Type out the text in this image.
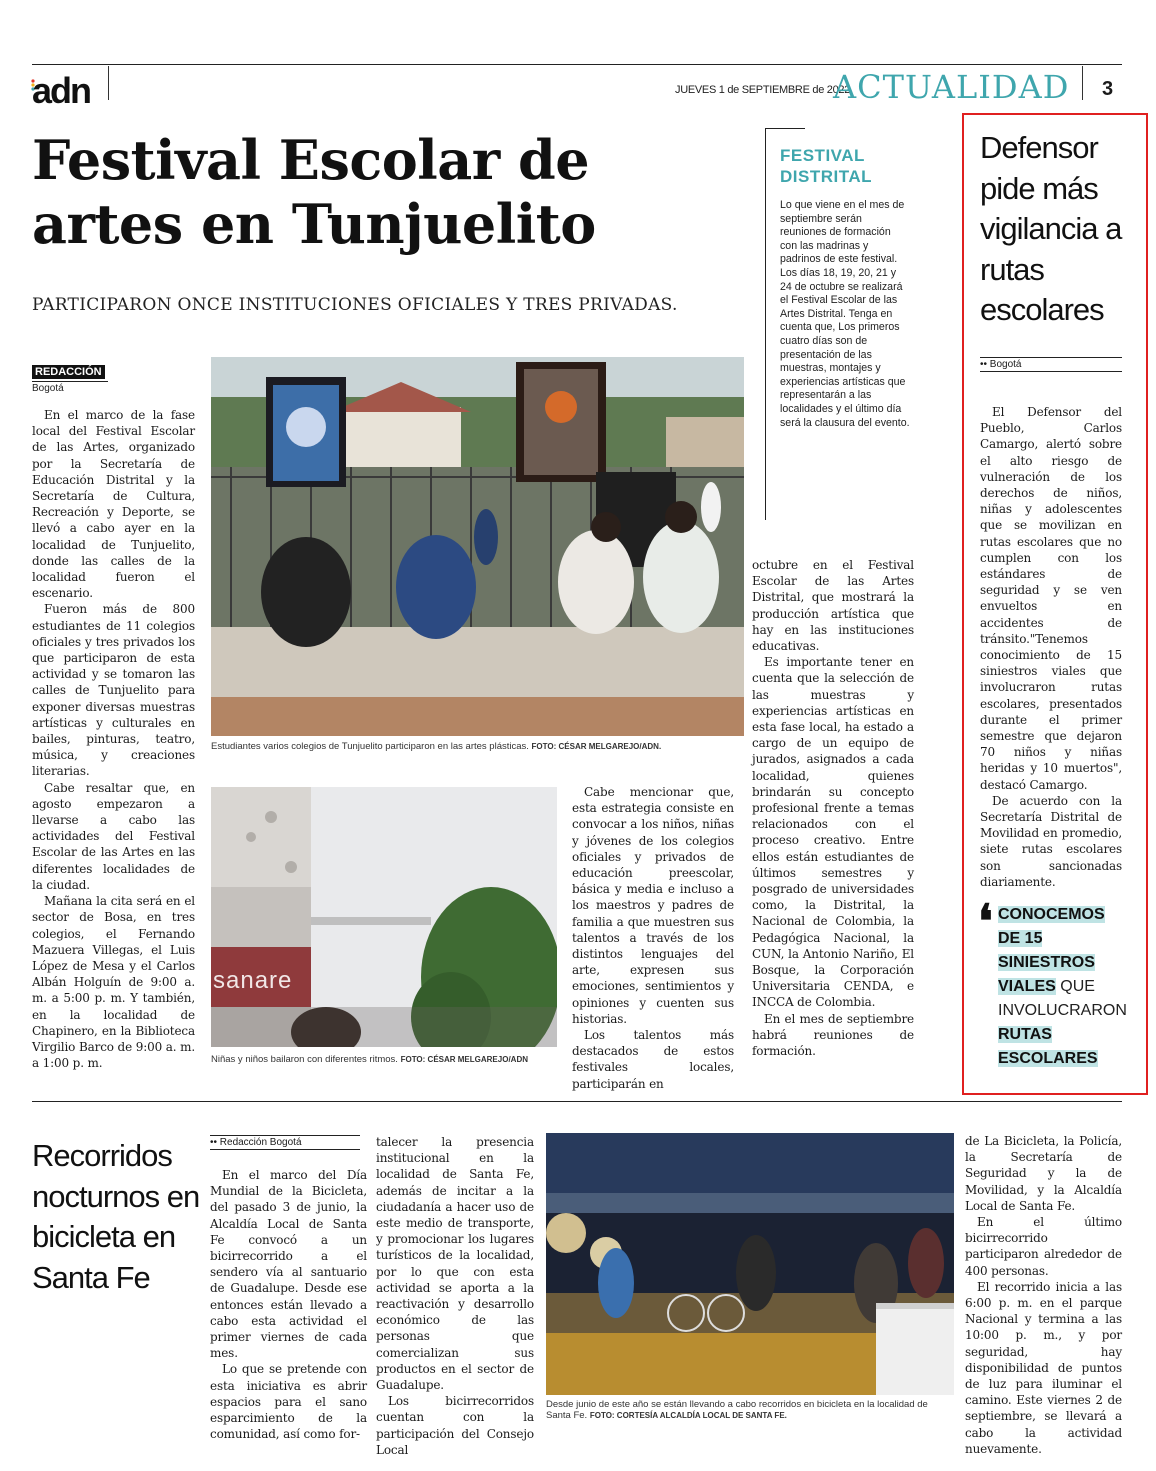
adn	JUEVES 1 de SEPTIEMBRE de 2022
ACTUALIDAD 3
Festival Escolar de artes en Tunjuelito
PARTICIPARON ONCE INSTITUCIONES OFICIALES Y TRES PRIVADAS.
REDACCIÓN
Bogotá

En el marco de la fase local del Festival Escolar de las Artes, organizado por la Secretaría de Educación Distrital y la Secretaría de Cultura, Recreación y Deporte, se llevó a cabo ayer en la localidad de Tunjuelito, donde las calles de la localidad fueron el escenario.

Fueron más de 800 estudiantes de 11 colegios oficiales y tres privados los que participaron de esta actividad y se tomaron las calles de Tunjuelito para exponer diversas muestras artísticas y culturales en bailes, pinturas, teatro, música, y creaciones literarias.

Cabe resaltar que, en agosto empezaron a llevarse a cabo las actividades del Festival Escolar de las Artes en las diferentes localidades de la ciudad.

Mañana la cita será en el sector de Bosa, en tres colegios, el Fernando Mazuera Villegas, el Luis López de Mesa y el Carlos Albán Holguín de 9:00 a. m. a 5:00 p. m. Y también, en la localidad de Chapinero, en la Biblioteca Virgilio Barco de 9:00 a. m. a 1:00 p. m.

Estudiantes varios colegios de Tunjuelito participaron en las artes plásticas. FOTO: CÉSAR MELGAREJO/ADN.
sanare
Niñas y niños bailaron con diferentes ritmos. FOTO: CÉSAR MELGAREJO/ADN

Cabe mencionar que, esta estrategia consiste en convocar a los niños, niñas y jóvenes de los colegios oficiales y privados de educación preescolar, básica y media e incluso a los maestros y padres de familia a que muestren sus talentos a través de los distintos lenguajes del arte, expresen sus emociones, sentimientos y opiniones y cuenten sus historias.

Los talentos más destacados de estos festivales locales, participarán en

octubre en el Festival Escolar de las Artes Distrital, que mostrará la producción artística que hay en las instituciones educativas.

Es importante tener en cuenta que la selección de las muestras y experiencias artísticas en esta fase local, ha estado a cargo de un equipo de jurados, asignados a cada localidad, quienes brindarán su concepto profesional frente a temas relacionados con el proceso creativo. Entre ellos están estudiantes de últimos semestres y posgrado de universidades como, la Distrital, la Nacional de Colombia, la Pedagógica Nacional, la CUN, la Antonio Nariño, El Bosque, la Corporación Universitaria CENDA, e INCCA de Colombia.

En el mes de septiembre habrá reuniones de formación.

FESTIVAL DISTRITAL
Lo que viene en el mes de septiembre serán reuniones de formación con las madrinas y padrinos de este festival. Los días 18, 19, 20, 21 y 24 de octubre se realizará el Festival Escolar de las Artes Distrital. Tenga en cuenta que, Los primeros cuatro días son de presentación de las muestras, montajes y experiencias artísticas que representarán a las localidades y el último día será la clausura del evento.
Defensor pide más vigilancia a rutas escolares
•• Bogotá

El Defensor del Pueblo, Carlos Camargo, alertó sobre el alto riesgo de vulneración de los derechos de niños, niñas y adolescentes que se movilizan en rutas escolares que no cumplen con los estándares de seguridad y se ven envueltos en accidentes de tránsito."Tenemos conocimiento de 15 siniestros viales que involucraron rutas escolares, presentados durante el primer semestre que dejaron 70 niños y niñas heridas y 10 muertos", destacó Camargo.

De acuerdo con la Secretaría Distrital de Movilidad en promedio, siete rutas escolares son sancionadas diariamente.

❛ CONOCEMOS DE 15 SINIESTROS VIALES QUE INVOLUCRARON RUTAS ESCOLARES
Recorridos nocturnos en bicicleta en Santa Fe
•• Redacción Bogotá

En el marco del Día Mundial de la Bicicleta, del pasado 3 de junio, la Alcaldía Local de Santa Fe convocó a un bicirrecorrido a el sendero vía al santuario de Guadalupe. Desde ese entonces están llevado a cabo esta actividad el primer viernes de cada mes.

Lo que se pretende con esta iniciativa es abrir espacios para el sano esparcimiento de la comunidad, así como for-

talecer la presencia institucional en la localidad de Santa Fe, además de incitar a la ciudadanía a hacer uso de este medio de transporte, y promocionar los lugares turísticos de la localidad, por lo que con esta actividad se aporta a la reactivación y desarrollo económico de las personas que comercializan sus productos en el sector de Guadalupe.

Los bicirrecorridos cuentan con la participación del Consejo Local

Desde junio de este año se están llevando a cabo recorridos en bicicleta en la localidad de Santa Fe. FOTO: CORTESÍA ALCALDÍA LOCAL DE SANTA FE.

de La Bicicleta, la Policía, la Secretaría de Seguridad y la de Movilidad, y la Alcaldía Local de Santa Fe.

En el último bicirrecorrido participaron alrededor de 400 personas.

El recorrido inicia a las 6:00 p. m. en el parque Nacional y termina a las 10:00 p. m., y por seguridad, hay disponibilidad de puntos de luz para iluminar el camino. Este viernes 2 de septiembre, se llevará a cabo la actividad nuevamente.
